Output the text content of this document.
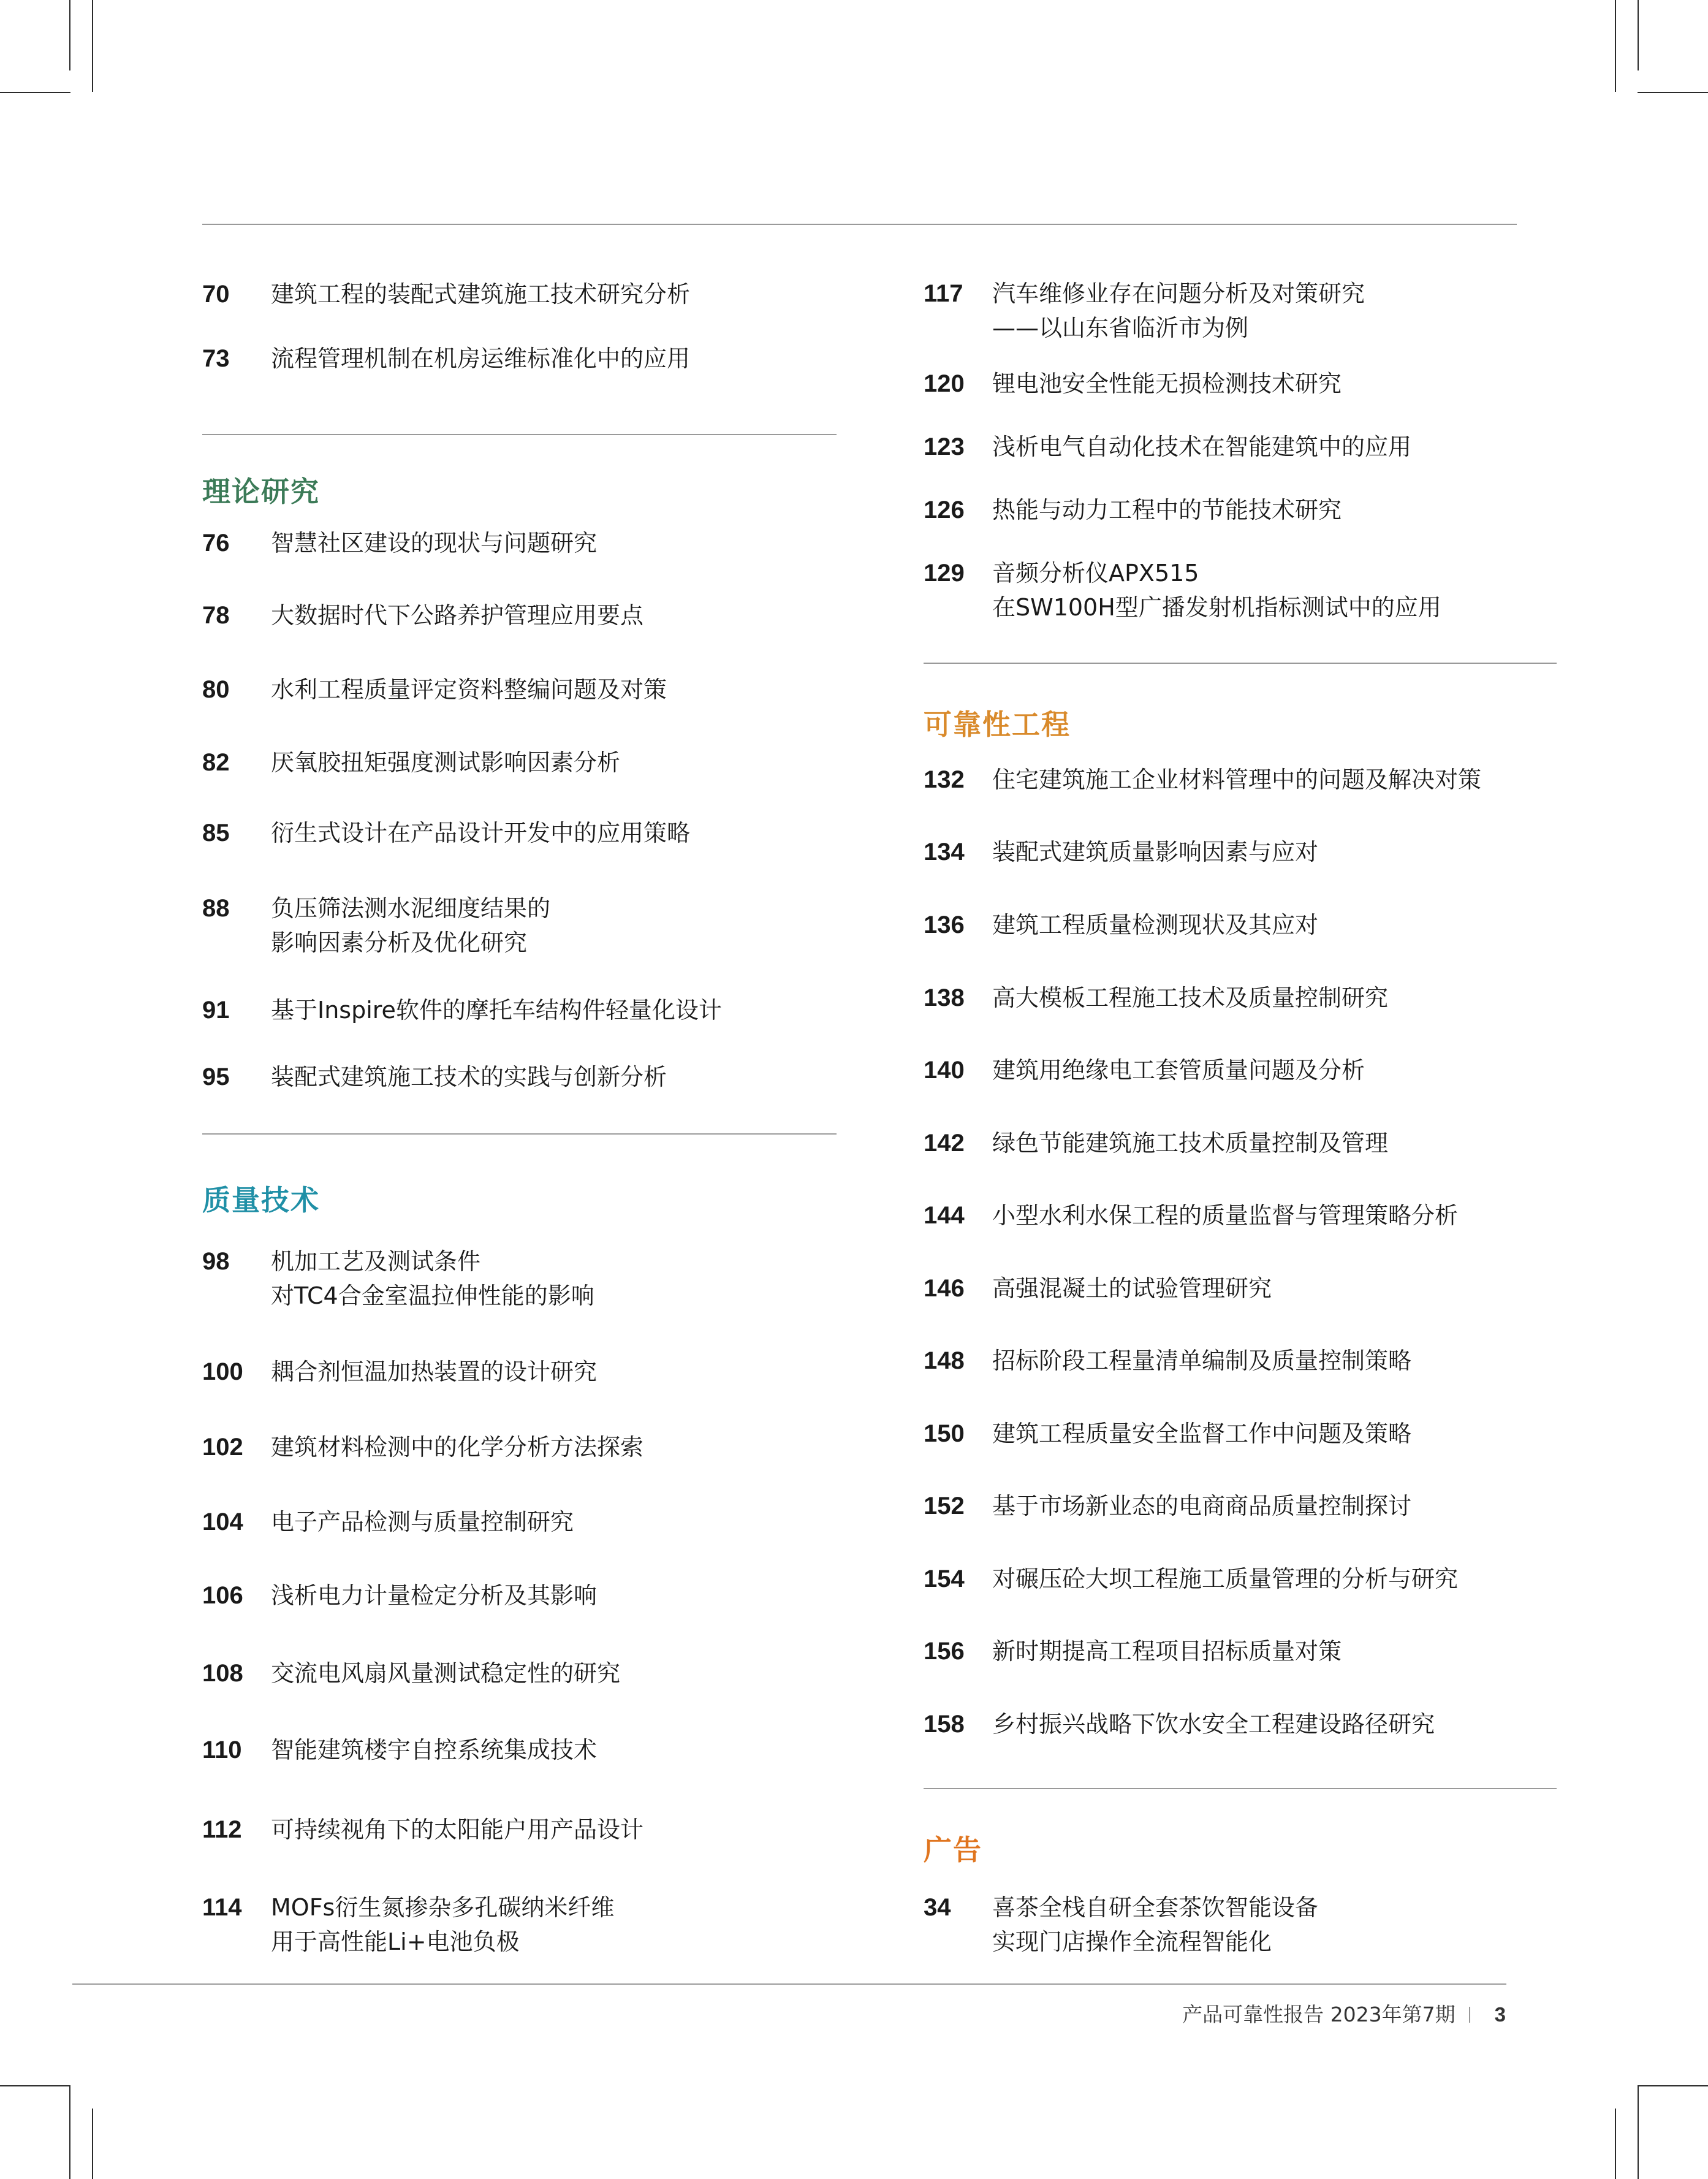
70 建筑工程的装配式建筑施工技术研究分析
73 流程管理机制在机房运维标准化中的应用
理论研究
76 智慧社区建设的现状与问题研究
78 大数据时代下公路养护管理应用要点
80 水利工程质量评定资料整编问题及对策
82 厌氧胶扭矩强度测试影响因素分析
85 衍生式设计在产品设计开发中的应用策略
88 负压筛法测水泥细度结果的
影响因素分析及优化研究
91 基于Inspire软件的摩托车结构件轻量化设计
95 装配式建筑施工技术的实践与创新分析
质量技术
98 机加工艺及测试条件
对TC4合金室温拉伸性能的影响
100 耦合剂恒温加热装置的设计研究
102 建筑材料检测中的化学分析方法探索
104 电子产品检测与质量控制研究
106 浅析电力计量检定分析及其影响
108 交流电风扇风量测试稳定性的研究
110 智能建筑楼宇自控系统集成技术
112 可持续视角下的太阳能户用产品设计
114 MOFs衍生氮掺杂多孔碳纳米纤维
用于高性能Li+电池负极
117 汽车维修业存在问题分析及对策研究
——以山东省临沂市为例
120 锂电池安全性能无损检测技术研究
123 浅析电气自动化技术在智能建筑中的应用
126 热能与动力工程中的节能技术研究
129 音频分析仪APX515
在SW100H型广播发射机指标测试中的应用
可靠性工程
132 住宅建筑施工企业材料管理中的问题及解决对策
134 装配式建筑质量影响因素与应对
136 建筑工程质量检测现状及其应对
138 高大模板工程施工技术及质量控制研究
140 建筑用绝缘电工套管质量问题及分析
142 绿色节能建筑施工技术质量控制及管理
144 小型水利水保工程的质量监督与管理策略分析
146 高强混凝土的试验管理研究
148 招标阶段工程量清单编制及质量控制策略
150 建筑工程质量安全监督工作中问题及策略
152 基于市场新业态的电商商品质量控制探讨
154 对碾压砼大坝工程施工质量管理的分析与研究
156 新时期提高工程项目招标质量对策
158 乡村振兴战略下饮水安全工程建设路径研究
广告
34 喜茶全栈自研全套茶饮智能设备
实现门店操作全流程智能化
产品可靠性报告 2023年第7期 3
